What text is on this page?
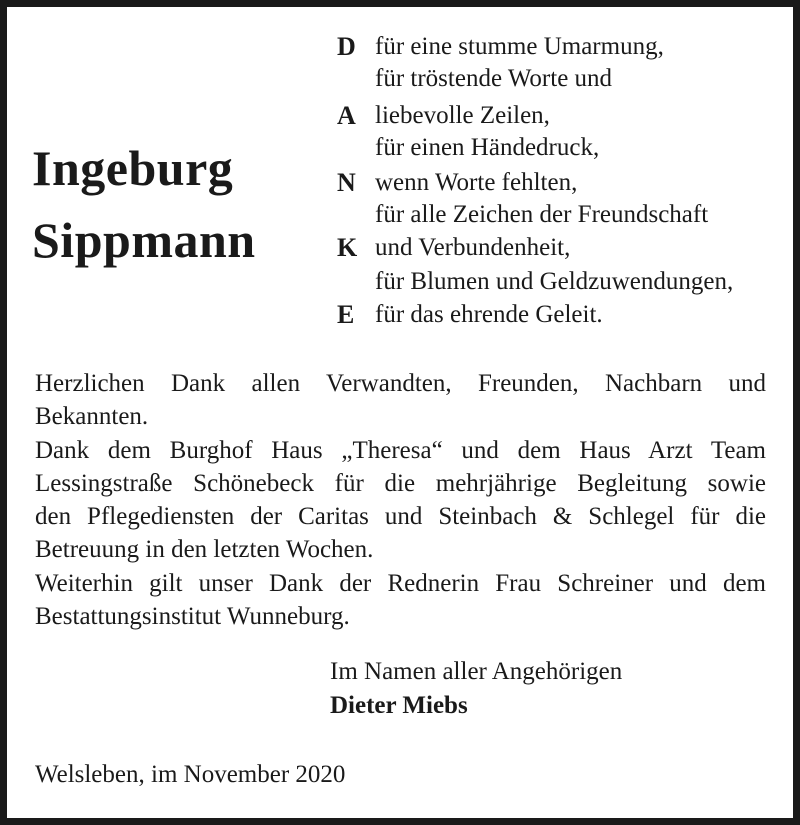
Ingeburg
Sippmann
D für eine stumme Umarmung,
für tröstende Worte und
A liebevolle Zeilen,
für einen Händedruck,
N wenn Worte fehlten,
für alle Zeichen der Freundschaft
K und Verbundenheit,
für Blumen und Geldzuwendungen,
E für das ehrende Geleit.
Herzlichen Dank allen Verwandten, Freunden, Nachbarn und
Bekannten.
Dank dem Burghof Haus „Theresa“ und dem Haus Arzt Team
Lessingstraße Schönebeck für die mehrjährige Begleitung sowie
den Pflegediensten der Caritas und Steinbach & Schlegel für die
Betreuung in den letzten Wochen.
Weiterhin gilt unser Dank der Rednerin Frau Schreiner und dem
Bestattungsinstitut Wunneburg.
Im Namen aller Angehörigen
Dieter Miebs
Welsleben, im November 2020
